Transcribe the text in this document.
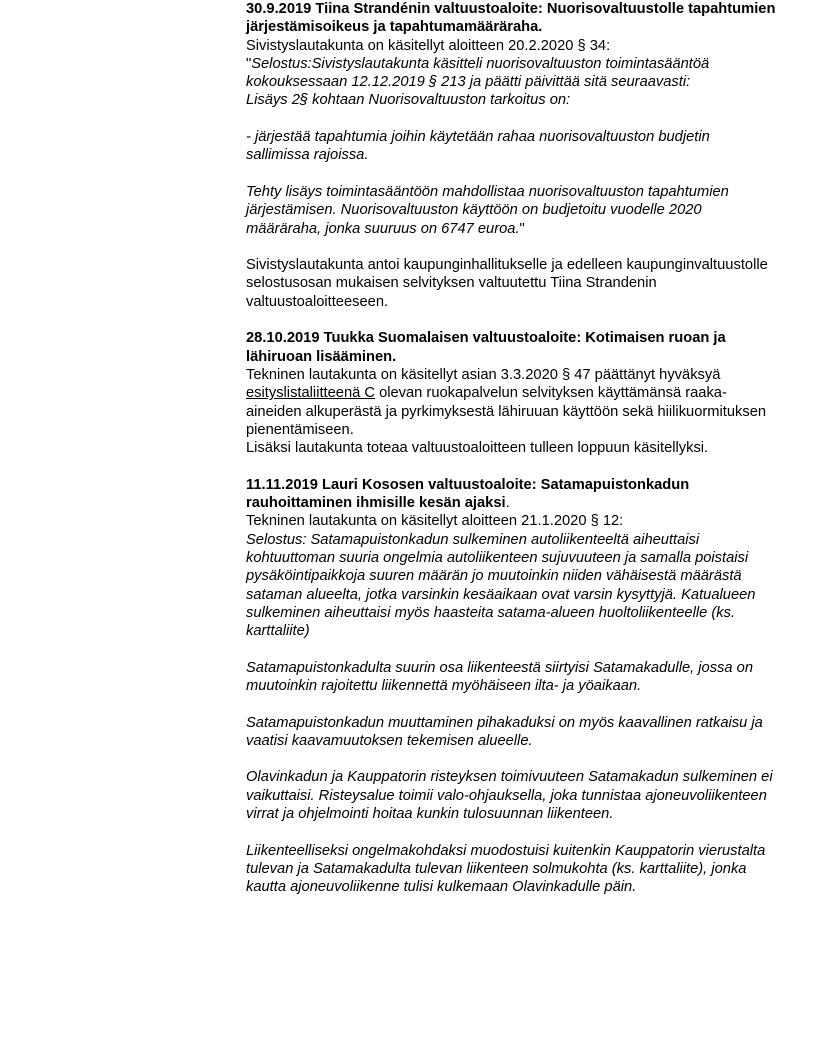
30.9.2019 Tiina Strandénin valtuustoaloite: Nuorisovaltuustolle tapahtumien järjestämisoikeus ja tapahtumamääräraha.

Sivistyslautakunta on käsitellyt aloitteen 20.2.2020 § 34:

"Selostus:Sivistyslautakunta käsitteli nuorisovaltuuston toimintasääntöä kokouksessaan 12.12.2019 § 213 ja päätti päivittää sitä seuraavasti:

Lisäys 2§ kohtaan Nuorisovaltuuston tarkoitus on:

- järjestää tapahtumia joihin käytetään rahaa nuorisovaltuuston budjetin sallimissa rajoissa.

Tehty lisäys toimintasääntöön mahdollistaa nuorisovaltuuston tapahtumien järjestämisen. Nuorisovaltuuston käyttöön on budjetoitu vuodelle 2020 määräraha, jonka suuruus on 6747 euroa."

Sivistyslautakunta antoi kaupunginhallitukselle ja edelleen kaupunginvaltuustolle selostusosan mukaisen selvityksen valtuutettu Tiina Strandenin valtuustoaloitteeseen.

28.10.2019 Tuukka Suomalaisen valtuustoaloite: Kotimaisen ruoan ja lähiruoan lisääminen.

Tekninen lautakunta on käsitellyt asian 3.3.2020 § 47 päättänyt hyväksyä esityslistaliitteenä C olevan ruokapalvelun selvityksen käyttämänsä raaka-aineiden alkuperästä ja pyrkimyksestä lähiruuan käyttöön sekä hiilikuormituksen pienentämiseen.

Lisäksi lautakunta toteaa valtuustoaloitteen tulleen loppuun käsitellyksi.

11.11.2019 Lauri Kososen valtuustoaloite: Satamapuistonkadun rauhoittaminen ihmisille kesän ajaksi.

Tekninen lautakunta on käsitellyt aloitteen 21.1.2020 § 12:

Selostus: Satamapuistonkadun sulkeminen autoliikenteeltä aiheuttaisi kohtuuttoman suuria ongelmia autoliikenteen sujuvuuteen ja samalla poistaisi pysäköintipaikkoja suuren määrän jo muutoinkin niiden vähäisestä määrästä sataman alueelta, jotka varsinkin kesäaikaan ovat varsin kysyttyjä. Katualueen sulkeminen aiheuttaisi myös haasteita satama-alueen huoltoliikenteelle (ks. karttaliite)

Satamapuistonkadulta suurin osa liikenteestä siirtyisi Satamakadulle, jossa on muutoinkin rajoitettu liikennettä myöhäiseen ilta- ja yöaikaan.

Satamapuistonkadun muuttaminen pihakaduksi on myös kaavallinen ratkaisu ja vaatisi kaavamuutoksen tekemisen alueelle.

Olavinkadun ja Kauppatorin risteyksen toimivuuteen Satamakadun sulkeminen ei vaikuttaisi. Risteysalue toimii valo-ohjauksella, joka tunnistaa ajoneuvoliikenteen virrat ja ohjelmointi hoitaa kunkin tulosuunnan liikenteen.

Liikenteelliseksi ongelmakohdaksi muodostuisi kuitenkin Kauppatorin vierustalta tulevan ja Satamakadulta tulevan liikenteen solmukohta (ks. karttaliite), jonka kautta ajoneuvoliikenne tulisi kulkemaan Olavinkadulle päin.
